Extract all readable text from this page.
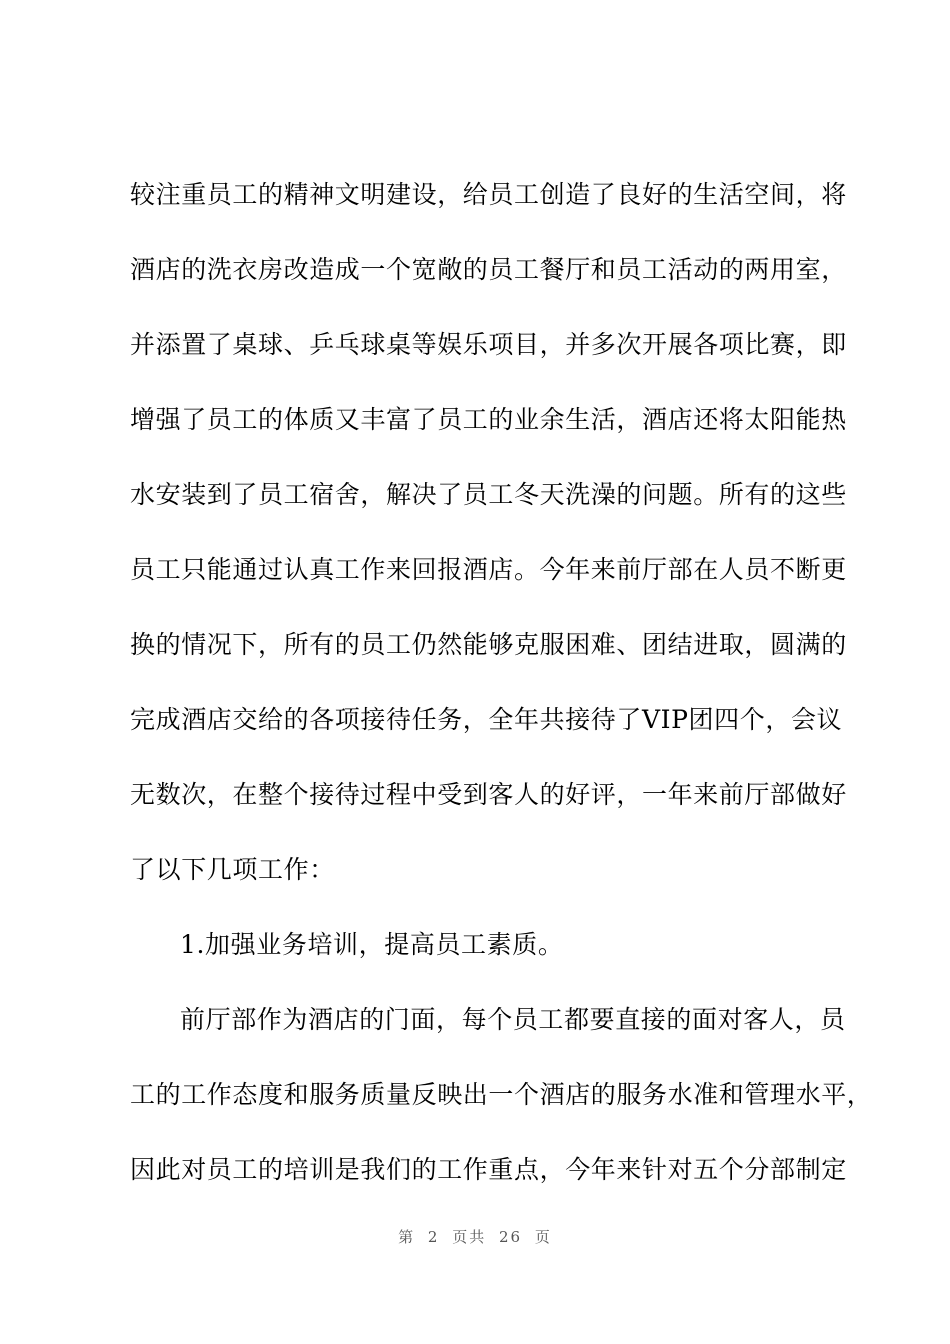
较注重员工的精神文明建设，给员工创造了良好的生活空间，将
酒店的洗衣房改造成一个宽敞的员工餐厅和员工活动的两用室，
并添置了桌球、乒乓球桌等娱乐项目，并多次开展各项比赛，即
增强了员工的体质又丰富了员工的业余生活，酒店还将太阳能热
水安装到了员工宿舍，解决了员工冬天洗澡的问题。所有的这些
员工只能通过认真工作来回报酒店。今年来前厅部在人员不断更
换的情况下，所有的员工仍然能够克服困难、团结进取，圆满的
完成酒店交给的各项接待任务，全年共接待了VIP团四个，会议
无数次，在整个接待过程中受到客人的好评，一年来前厅部做好
了以下几项工作：
1.加强业务培训，提高员工素质。
前厅部作为酒店的门面，每个员工都要直接的面对客人，员
工的工作态度和服务质量反映出一个酒店的服务水准和管理水平，
因此对员工的培训是我们的工作重点，今年来针对五个分部制定
第 2 页共 26 页
